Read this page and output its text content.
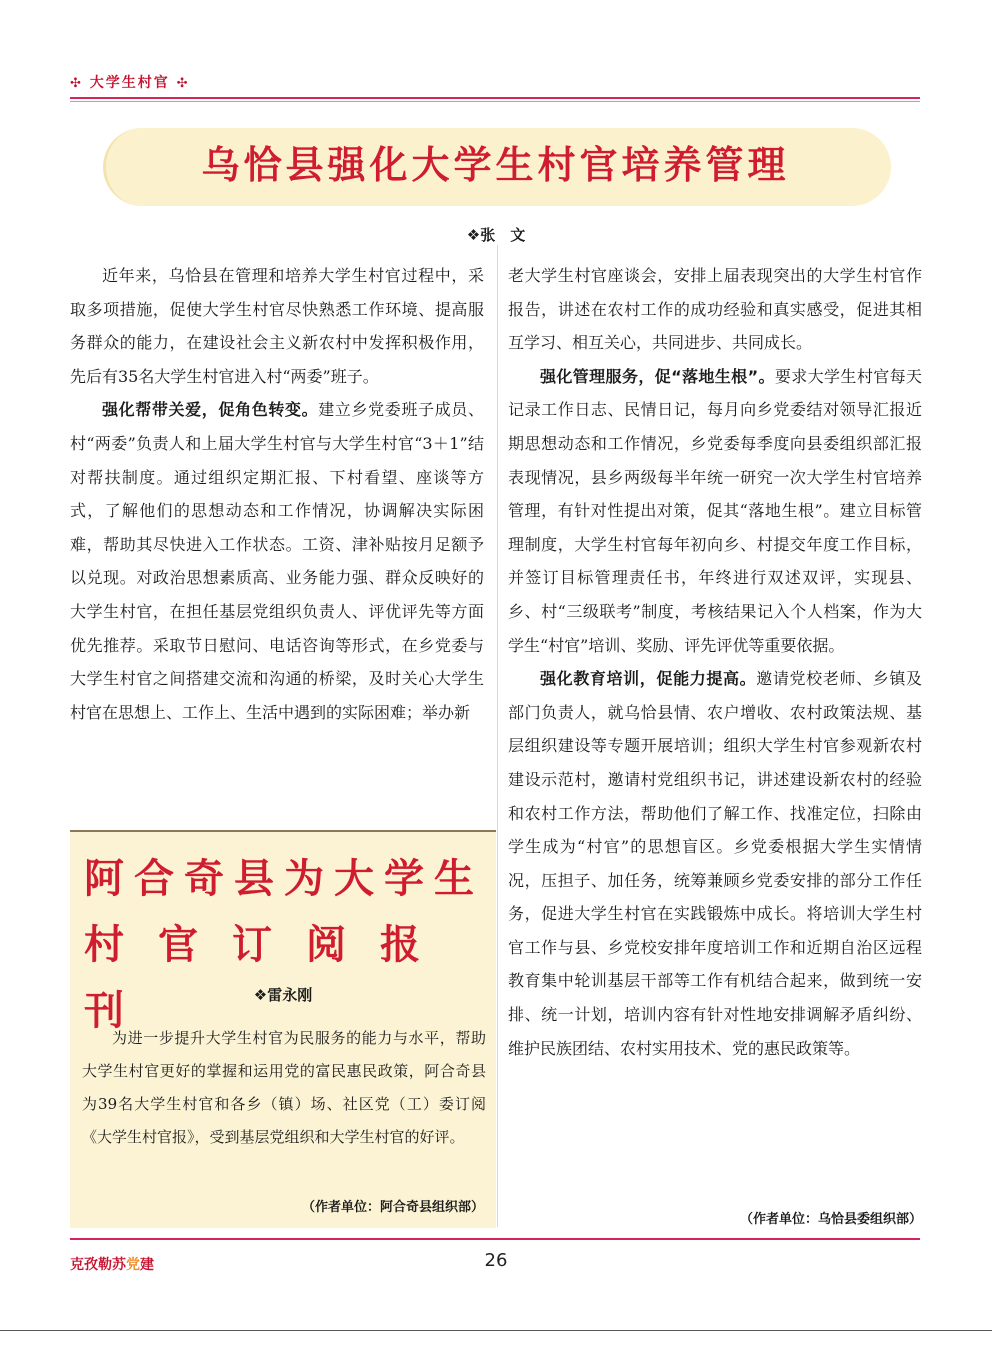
✣ 大学生村官 ✣
乌恰县强化大学生村官培养管理
❖张　文

近年来，乌恰县在管理和培养大学生村官过程中，采取多项措施，促使大学生村官尽快熟悉工作环境、提高服务群众的能力，在建设社会主义新农村中发挥积极作用，先后有35名大学生村官进入村“两委”班子。

强化帮带关爱，促角色转变。建立乡党委班子成员、村“两委”负责人和上届大学生村官与大学生村官“3＋1”结对帮扶制度。通过组织定期汇报、下村看望、座谈等方式，了解他们的思想动态和工作情况，协调解决实际困难，帮助其尽快进入工作状态。工资、津补贴按月足额予以兑现。对政治思想素质高、业务能力强、群众反映好的大学生村官，在担任基层党组织负责人、评优评先等方面优先推荐。采取节日慰问、电话咨询等形式，在乡党委与大学生村官之间搭建交流和沟通的桥梁，及时关心大学生村官在思想上、工作上、生活中遇到的实际困难；举办新

老大学生村官座谈会，安排上届表现突出的大学生村官作报告，讲述在农村工作的成功经验和真实感受，促进其相互学习、相互关心，共同进步、共同成长。

强化管理服务，促“落地生根”。要求大学生村官每天记录工作日志、民情日记，每月向乡党委结对领导汇报近期思想动态和工作情况，乡党委每季度向县委组织部汇报表现情况，县乡两级每半年统一研究一次大学生村官培养管理，有针对性提出对策，促其“落地生根”。建立目标管理制度，大学生村官每年初向乡、村提交年度工作目标，并签订目标管理责任书，年终进行双述双评，实现县、乡、村“三级联考”制度，考核结果记入个人档案，作为大学生“村官”培训、奖励、评先评优等重要依据。

强化教育培训，促能力提高。邀请党校老师、乡镇及部门负责人，就乌恰县情、农户增收、农村政策法规、基层组织建设等专题开展培训；组织大学生村官参观新农村建设示范村，邀请村党组织书记，讲述建设新农村的经验和农村工作方法，帮助他们了解工作、找准定位，扫除由学生成为“村官”的思想盲区。乡党委根据大学生实情情况，压担子、加任务，统筹兼顾乡党委安排的部分工作任务，促进大学生村官在实践锻炼中成长。将培训大学生村官工作与县、乡党校安排年度培训工作和近期自治区远程教育集中轮训基层干部等工作有机结合起来，做到统一安排、统一计划，培训内容有针对性地安排调解矛盾纠纷、维护民族团结、农村实用技术、党的惠民政策等。

（作者单位：乌恰县委组织部）
阿合奇县为大学生
村官订阅报刊	❖雷永刚

为进一步提升大学生村官为民服务的能力与水平，帮助大学生村官更好的掌握和运用党的富民惠民政策，阿合奇县为39名大学生村官和各乡（镇）场、社区党（工）委订阅《大学生村官报》，受到基层党组织和大学生村官的好评。

（作者单位：阿合奇县组织部）
克孜勒苏党建	26
